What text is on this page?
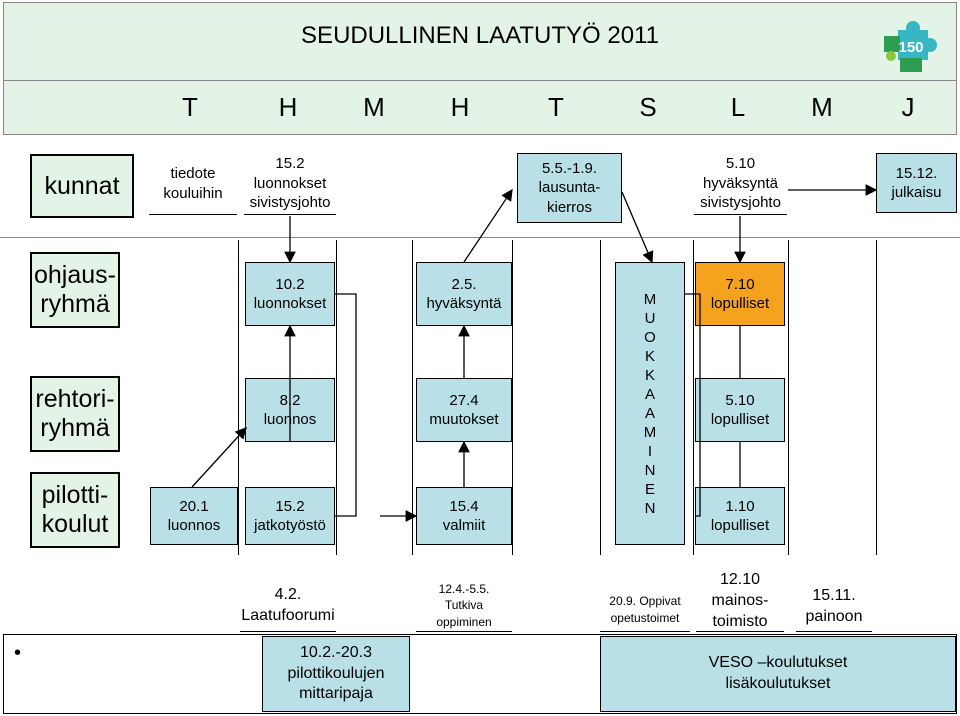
SEUDULLINEN LAATUTYÖ 2011	150
T	H	M	H	T	S	L	M	J
kunnat	tiedote
kouluihin
15.2
luonnokset
sivistysjohto
5.5.-1.9.
lausunta-
kierros
5.10
hyväksyntä
sivistysjohto
15.12.
julkaisu
ohjaus-
ryhmä
rehtori-
ryhmä
pilotti-
koulut
20.1
luonnos
10.2
luonnokset
8.2
luonnos
15.2
jatkotyöstö
2.5.
hyväksyntä
27.4
muutokset
15.4
valmiit
M
U
O
K
K
A
A
M
I
N
E
N
7.10
lopulliset
5.10
lopulliset
1.10
lopulliset
4.2.
Laatufoorumi
12.4.-5.5.
Tutkiva
oppiminen
20.9. Oppivat
opetustoimet
12.10
mainos-
toimisto
15.11.
painoon
•	10.2.-20.3
pilottikoulujen
mittaripaja
VESO –koulutukset
lisäkoulutukset
